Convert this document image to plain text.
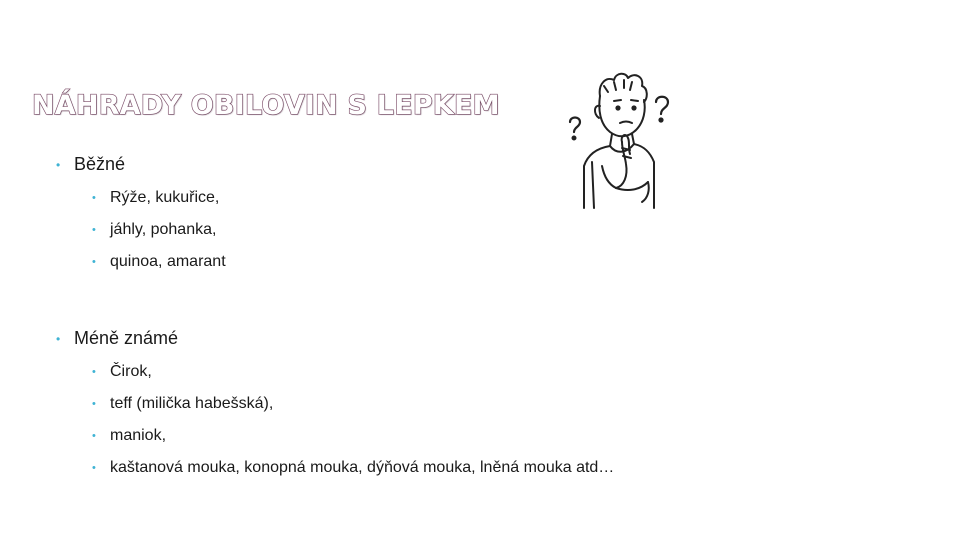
NÁHRADY OBILOVIN S LEPKEM
• Běžné
• Rýže, kukuřice,
• jáhly, pohanka,
• quinoa, amarant
• Méně známé
• Čirok,
• teff (milička habešská),
• maniok,
• kaštanová mouka, konopná mouka, dýňová mouka, lněná mouka atd…
